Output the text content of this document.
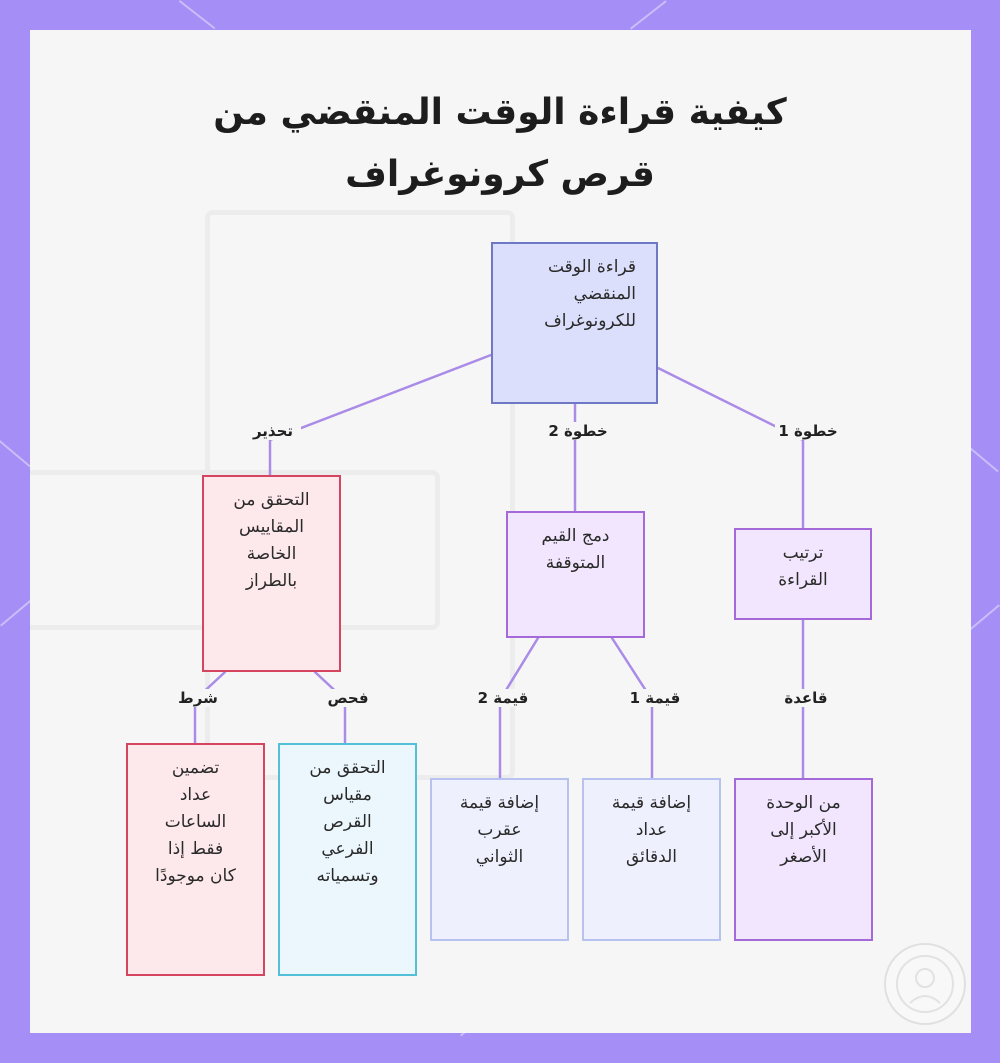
كيفية قراءة الوقت المنقضي من
قرص كرونوغراف
خطوة 1
خطوة 2
تحذير
قاعدة
قيمة 1
قيمة 2
فحص
شرط
قراءة الوقت
المنقضي
للكرونوغراف
ترتيب
القراءة
دمج القيم
المتوقفة
التحقق من
المقاييس
الخاصة
بالطراز
من الوحدة
الأكبر إلى
الأصغر
إضافة قيمة
عداد
الدقائق
إضافة قيمة
عقرب
الثواني
التحقق من
مقياس
القرص
الفرعي
وتسمياته
تضمين
عداد
الساعات
فقط إذا
كان موجودًا
